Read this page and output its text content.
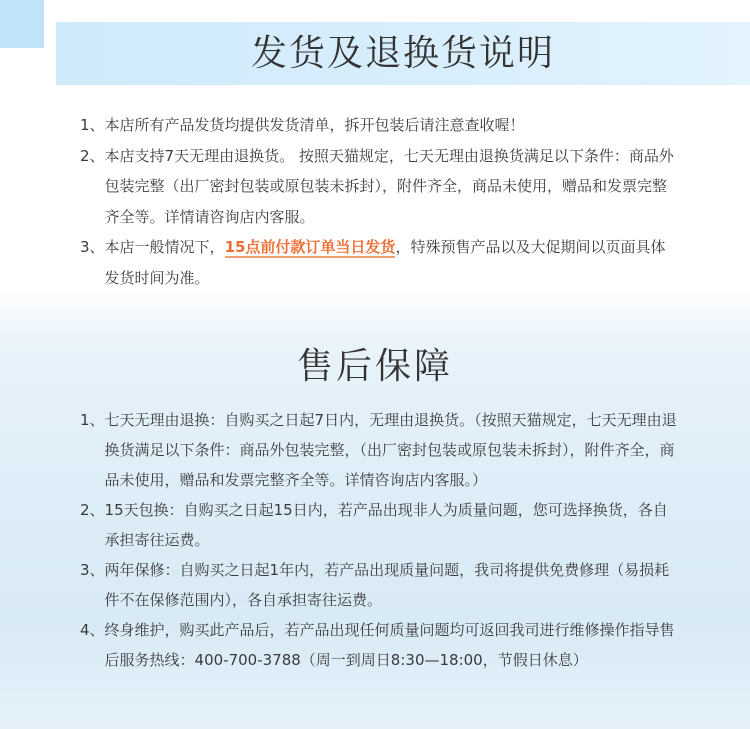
发货及退换货说明
1、 本店所有产品发货均提供发货清单，拆开包装后请注意查收喔！
2、 本店支持7天无理由退换货。 按照天猫规定，七天无理由退换货满足以下条件：商品外包装完整（出厂密封包装或原包装未拆封），附件齐全，商品未使用，赠品和发票完整齐全等。详情请咨询店内客服。
3、 本店一般情况下，15点前付款订单当日发货，特殊预售产品以及大促期间以页面具体发货时间为准。
售后保障
1、 七天无理由退换：自购买之日起7日内，无理由退换货。（按照天猫规定，七天无理由退换货满足以下条件：商品外包装完整，（出厂密封包装或原包装未拆封），附件齐全，商品未使用，赠品和发票完整齐全等。详情咨询店内客服。）
2、 15天包换：自购买之日起15日内，若产品出现非人为质量问题，您可选择换货，各自承担寄往运费。
3、 两年保修：自购买之日起1年内，若产品出现质量问题，我司将提供免费修理（易损耗件不在保修范围内），各自承担寄往运费。
4、 终身维护，购买此产品后，若产品出现任何质量问题均可返回我司进行维修操作指导售后服务热线：400-700-3788（周一到周日8:30—18:00，节假日休息）
